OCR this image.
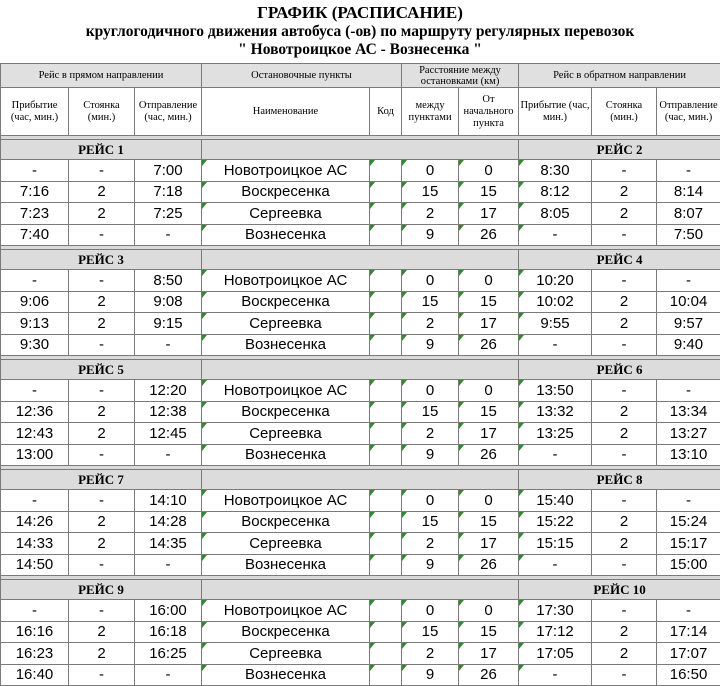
ГРАФИК (РАСПИСАНИЕ)
круглогодичного движения автобуса (-ов) по маршруту регулярных перевозок
" Новотроицкое АС - Вознесенка "
Рейс в прямом направлении			Остановочные пункты		Расстояние между остановками (км)		Рейс в обратном направлении		
Прибытие (час, мин.)	Стоянка (мин.)	Отправление (час, мин.)	Наименование	Код	между пунктами	От начального пункта	Прибытие (час, мин.)	Стоянка (мин.)	Отправление (час, мин.)

РЕЙС 1							РЕЙС 2		
-	-	7:00	Новотроицкое АС		0	0	8:30	-	-
7:16	2	7:18	Воскресенка		15	15	8:12	2	8:14
7:23	2	7:25	Сергеевка		2	17	8:05	2	8:07
7:40	-	-	Вознесенка		9	26	-	-	7:50

РЕЙС 3							РЕЙС 4		
-	-	8:50	Новотроицкое АС		0	0	10:20	-	-
9:06	2	9:08	Воскресенка		15	15	10:02	2	10:04
9:13	2	9:15	Сергеевка		2	17	9:55	2	9:57
9:30	-	-	Вознесенка		9	26	-	-	9:40

РЕЙС 5							РЕЙС 6		
-	-	12:20	Новотроицкое АС		0	0	13:50	-	-
12:36	2	12:38	Воскресенка		15	15	13:32	2	13:34
12:43	2	12:45	Сергеевка		2	17	13:25	2	13:27
13:00	-	-	Вознесенка		9	26	-	-	13:10

РЕЙС 7							РЕЙС 8		
-	-	14:10	Новотроицкое АС		0	0	15:40	-	-
14:26	2	14:28	Воскресенка		15	15	15:22	2	15:24
14:33	2	14:35	Сергеевка		2	17	15:15	2	15:17
14:50	-	-	Вознесенка		9	26	-	-	15:00

РЕЙС 9							РЕЙС 10		
-	-	16:00	Новотроицкое АС		0	0	17:30	-	-
16:16	2	16:18	Воскресенка		15	15	17:12	2	17:14
16:23	2	16:25	Сергеевка		2	17	17:05	2	17:07
16:40	-	-	Вознесенка		9	26	-	-	16:50
